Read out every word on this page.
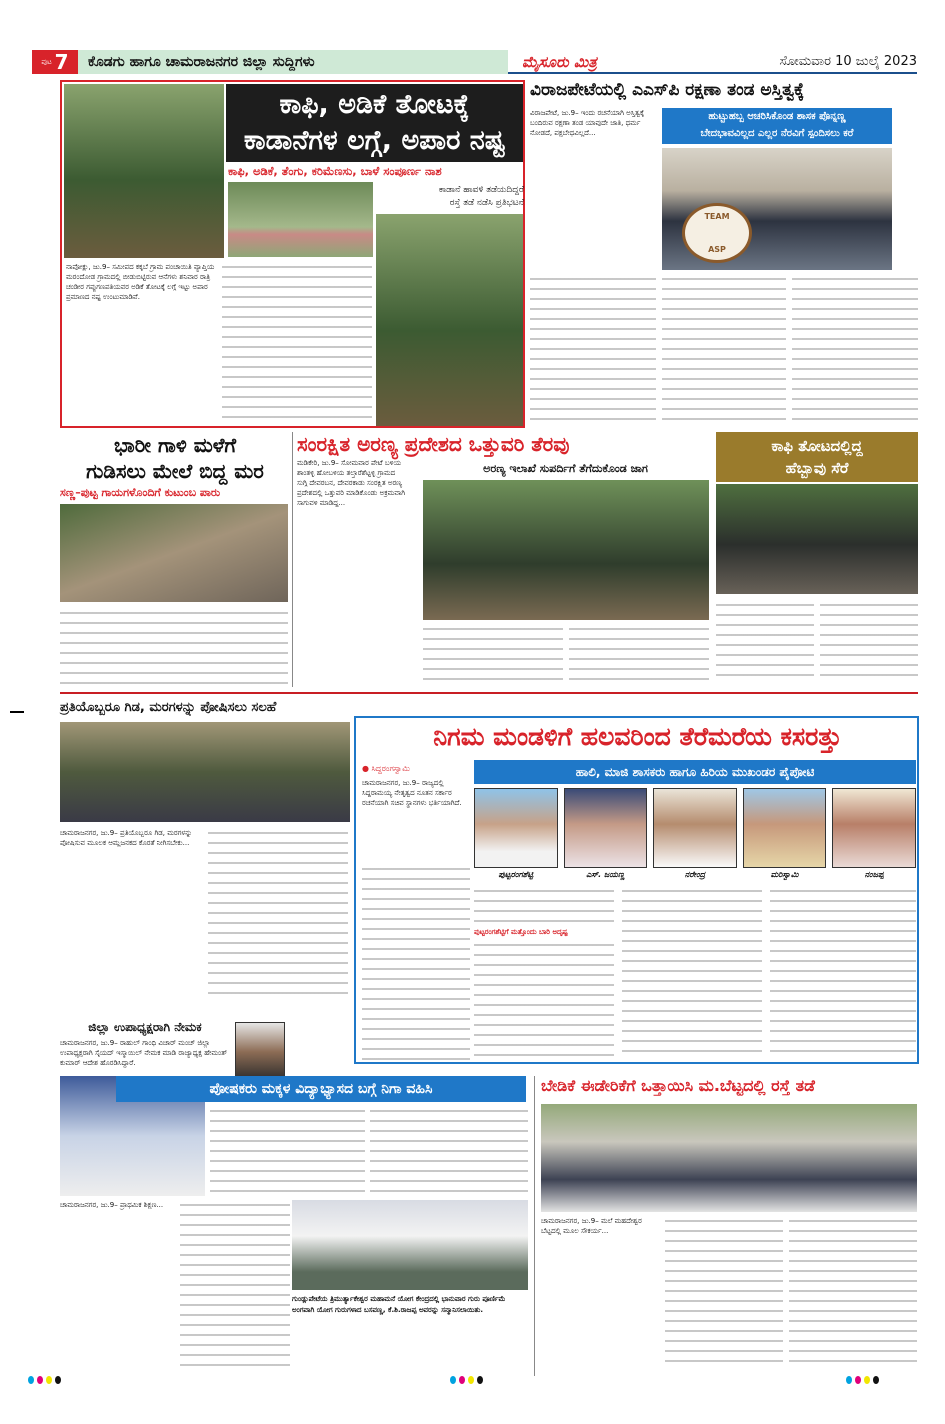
ಪುಟ 7	ಕೊಡಗು ಹಾಗೂ ಚಾಮರಾಜನಗರ ಜಿಲ್ಲಾ ಸುದ್ದಿಗಳು	ಮೈಸೂರು ಮಿತ್ರ	ಸೋಮವಾರ 10 ಜುಲೈ 2023
ಕಾಫಿ, ಅಡಿಕೆ ತೋಟಕ್ಕೆ
ಕಾಡಾನೆಗಳ ಲಗ್ಗೆ, ಅಪಾರ ನಷ್ಟ
ಕಾಫಿ, ಅಡಿಕೆ, ತೆಂಗು, ಕರಿಮೆಣಸು, ಬಾಳೆ ಸಂಪೂರ್ಣ ನಾಶ
ಕಾಡಾನೆ ಹಾವಳಿ ತಡೆಯದಿದ್ದರೆ
ರಸ್ತೆ ತಡೆ ನಡೆಸಿ ಪ್ರತಿಭಟನೆ
ನಾಪೋಕ್ಲು, ಜು.9– ಸಮೀಪದ ಕಕ್ಕಬೆ ಗ್ರಾಮ ಪಂಚಾಯಿತಿ ವ್ಯಾಪ್ತಿಯ ಮರಂದೋಡ ಗ್ರಾಮದಲ್ಲಿ ಬೀಡುಬಿಟ್ಟಿರುವ ಆನೆಗಳು ಶನಿವಾರ ರಾತ್ರಿ ಚಂಡೀರ ಗಪ್ಪುಗಣಪತಿಯವರ ಅಡಿಕೆ ತೋಟಕ್ಕೆ ಲಗ್ಗೆ ಇಟ್ಟು ಅಪಾರ ಪ್ರಮಾಣದ ನಷ್ಟ ಉಂಟುಮಾಡಿವೆ.
ವಿರಾಜಪೇಟೆಯಲ್ಲಿ ಎಎಸ್‌ಪಿ ರಕ್ಷಣಾ ತಂಡ ಅಸ್ತಿತ್ವಕ್ಕೆ
ವಿರಾಜಪೇಟೆ, ಜು.9– ಇಂದು ರಚನೆಯಾಗಿ ಅಸ್ತಿತ್ವಕ್ಕೆ ಬಂದಿರುವ ರಕ್ಷಣಾ ತಂಡ ಯಾವುದೇ ಜಾತಿ, ಧರ್ಮ ನೋಡದೆ, ಪಕ್ಷಬೇಧವಿಲ್ಲದೆ...
ಹುಟ್ಟುಹಬ್ಬ ಆಚರಿಸಿಕೊಂಡ ಶಾಸಕ ಪೊನ್ನಣ್ಣ
ಬೇದಭಾವವಿಲ್ಲದ ಎಲ್ಲರ ನೆರವಿಗೆ ಸ್ಪಂದಿಸಲು ಕರೆ
TEAM
ASP
ಭಾರೀ ಗಾಳಿ ಮಳೆಗೆ
ಗುಡಿಸಲು ಮೇಲೆ ಬಿದ್ದ ಮರ
ಸಣ್ಣ–ಪುಟ್ಟ ಗಾಯಗಳೊಂದಿಗೆ ಕುಟುಂಬ ಪಾರು
ಸಂರಕ್ಷಿತ ಅರಣ್ಯ ಪ್ರದೇಶದ ಒತ್ತುವರಿ ತೆರವು
ಮಡಿಕೇರಿ, ಜು.9– ಸೋಮವಾರ ಪೇಟೆ ಬಳಿಯ ಶಾಂತಳ್ಳಿ ಹೋಬಳಿಯ ತಲ್ತಾರೆಶೆಟ್ಟಳ್ಳಿ ಗ್ರಾಮದ ಸುಗ್ಗಿ ದೇವರಬನ, ದೇವರಕಾಡು ಸಂರಕ್ಷಿತ ಅರಣ್ಯ ಪ್ರದೇಶದಲ್ಲಿ ಒತ್ತುವರಿ ಮಾಡಿಕೊಂಡು ಅಕ್ರಮವಾಗಿ ಸಾಗುವಳಿ ಮಾಡಿದ್ದ...
ಅರಣ್ಯ ಇಲಾಖೆ ಸುಪರ್ದಿಗೆ ತೆಗೆದುಕೊಂಡ ಜಾಗ
ಕಾಫಿ ತೋಟದಲ್ಲಿದ್ದ
ಹೆಬ್ಬಾವು ಸೆರೆ
ಪ್ರತಿಯೊಬ್ಬರೂ ಗಿಡ, ಮರಗಳನ್ನು ಪೋಷಿಸಲು ಸಲಹೆ
ಚಾಮರಾಜನಗರ, ಜು.9– ಪ್ರತಿಯೊಬ್ಬರೂ ಗಿಡ, ಮರಗಳನ್ನು ಪೋಷಿಸುವ ಮೂಲಕ ಆಮ್ಲಜನಕದ ಕೊರತೆ ನೀಗಿಸಬೇಕು...
ಜಿಲ್ಲಾ ಉಪಾಧ್ಯಕ್ಷರಾಗಿ ನೇಮಕ
ಚಾಮರಾಜನಗರ, ಜು.9– ರಾಹುಲ್ ಗಾಂಧಿ ವಿಚಾರ್ ಮಂಚ್ ಜಿಲ್ಲಾ ಉಪಾಧ್ಯಕ್ಷರಾಗಿ ಸೈಯದ್ ಇಸ್ಮಾಯಿಲ್ ನೇಮಕ ಮಾಡಿ ರಾಜ್ಯಾಧ್ಯಕ್ಷ ಹೇಮಂತ್ ಕುಮಾರ್ ಆದೇಶ ಹೊರಡಿಸಿದ್ದಾರೆ.
ನಿಗಮ ಮಂಡಳಿಗೆ ಹಲವರಿಂದ ತೆರೆಮರೆಯ ಕಸರತ್ತು
● ಸಿದ್ದರಂಗಸ್ವಾಮಿ
ಚಾಮರಾಜನಗರ, ಜು.9– ರಾಜ್ಯದಲ್ಲಿ ಸಿದ್ದರಾಮಯ್ಯ ನೇತೃತ್ವದ ನೂತನ ಸರ್ಕಾರ ರಚನೆಯಾಗಿ ಸಚಿವ ಸ್ಥಾನಗಳು ಭರ್ತಿಯಾಗಿದೆ.
ಹಾಲಿ, ಮಾಜಿ ಶಾಸಕರು ಹಾಗೂ ಹಿರಿಯ ಮುಖಂಡರ ಪೈಪೋಟಿ
ಪುಟ್ಟರಂಗಶೆಟ್ಟಿ	ಎಸ್. ಜಯಣ್ಣ	ನರೇಂದ್ರ	ಮರಿಸ್ವಾಮಿ	ನಂಜಪ್ಪ
ಪುಟ್ಟರಂಗಶೆಟ್ಟಿಗೆ ಮತ್ತೊಂದು ಬಾರಿ ಅದೃಷ್ಟ
ಪೋಷಕರು ಮಕ್ಕಳ ವಿದ್ಯಾಭ್ಯಾಸದ ಬಗ್ಗೆ ನಿಗಾ ವಹಿಸಿ
ಚಾಮರಾಜನಗರ, ಜು.9– ಪ್ರಾಥಮಿಕ ಶಿಕ್ಷಣ...
ಗುಂಡ್ಲುಪೇಟೆಯ ತ್ರಿಮುರ್ತ್ಯಾಕೇಶ್ವರ ಮಹಾಮನೆ ಯೋಗ ಕೇಂದ್ರದಲ್ಲಿ ಭಾನುವಾರ ಗುರು ಪೂರ್ಣಿಮೆ ಅಂಗವಾಗಿ ಯೋಗ ಗುರುಗಳಾದ ಬಸವಣ್ಣ, ಕೆ.ಶಿ.ರಾಜಪ್ಪ ಅವರನ್ನು ಸನ್ಮಾನಿಸಲಾಯಿತು.
ಬೇಡಿಕೆ ಈಡೇರಿಕೆಗೆ ಒತ್ತಾಯಿಸಿ ಮ.ಬೆಟ್ಟದಲ್ಲಿ ರಸ್ತೆ ತಡೆ
ಚಾಮರಾಜನಗರ, ಜು.9– ಮಲೆ ಮಹದೇಶ್ವರ ಬೆಟ್ಟದಲ್ಲಿ ಮೂಲ ಸೌಕರ್ಯ...
